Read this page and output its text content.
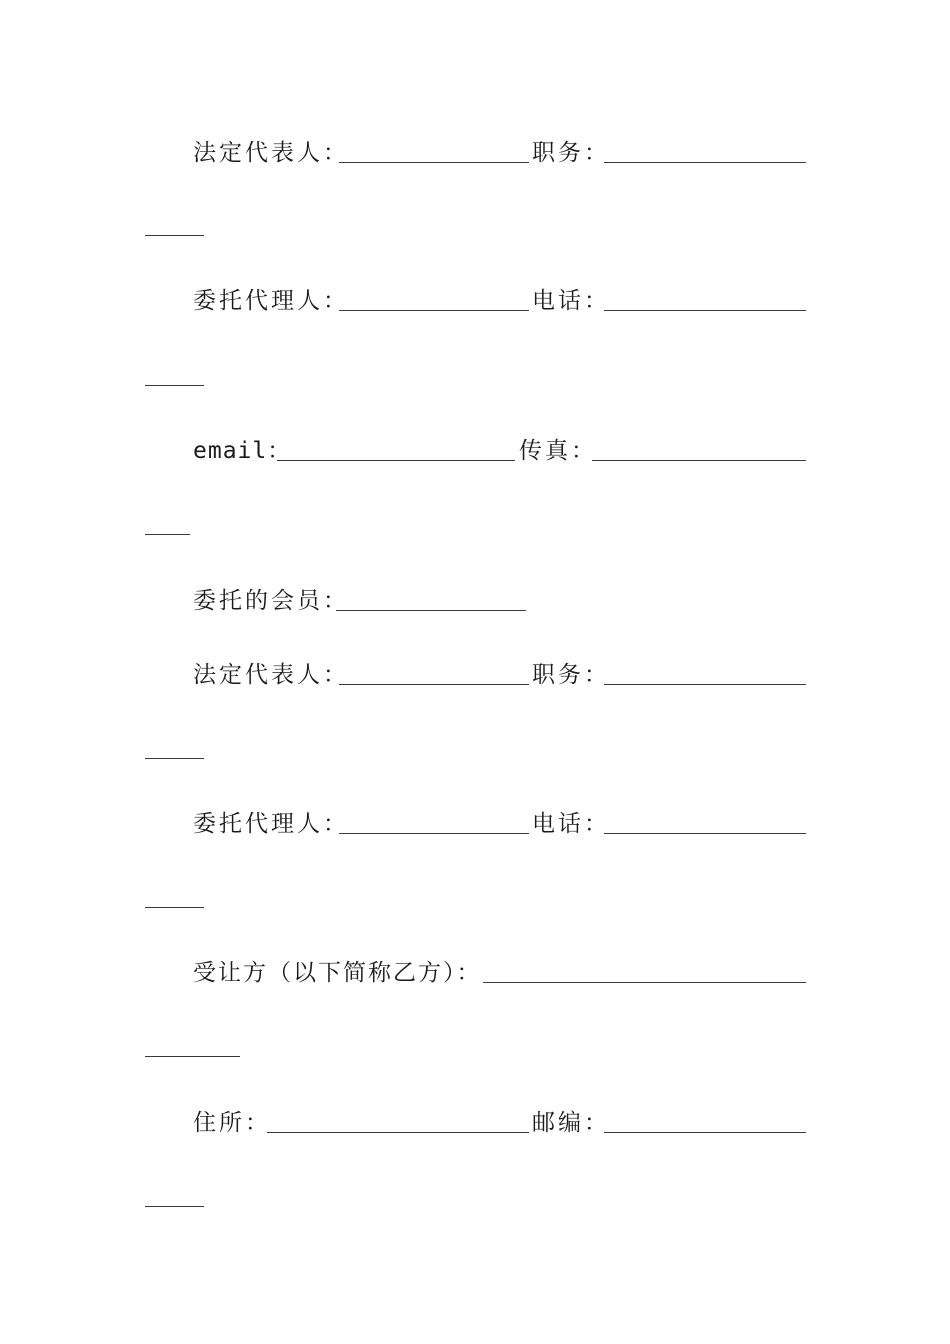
法定代表人：	职务：
委托代理人：	电话：
email：	传真：
委托的会员：
法定代表人：	职务：
委托代理人：	电话：
受让方（以下简称乙方）：
住所：	邮编：
